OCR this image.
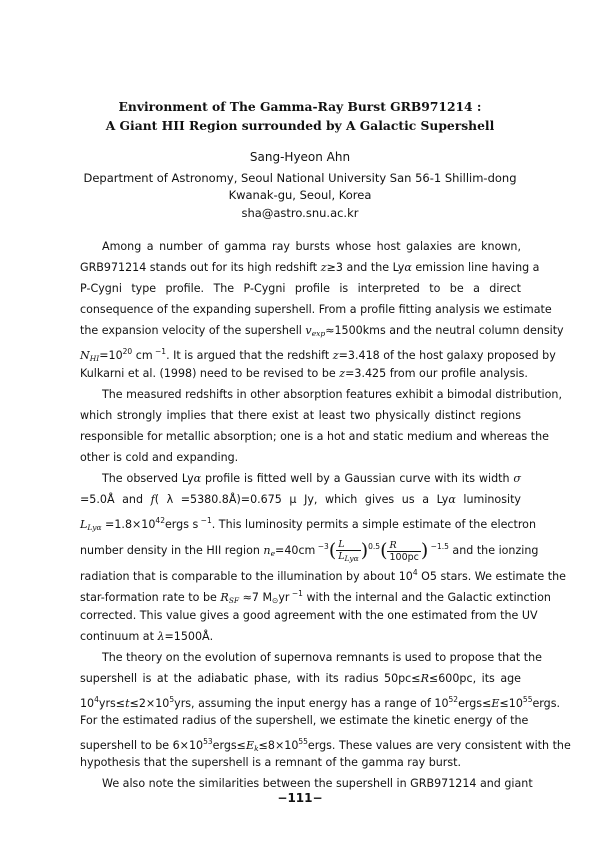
Environment of The Gamma-Ray Burst GRB971214 :
A Giant HII Region surrounded by A Galactic Supershell
Sang-Hyeon Ahn
Department of Astronomy, Seoul National University San 56-1 Shillim-dong
Kwanak-gu, Seoul, Korea
sha@astro.snu.ac.kr
Among a number of gamma ray bursts whose host galaxies are known,
GRB971214 stands out for its high redshift z≥3 and the Lyα emission line having a
P-Cygni type profile. The P-Cygni profile is interpreted to be a direct
consequence of the expanding supershell. From a profile fitting analysis we estimate
the expansion velocity of the supershell $v_{exp}\approx 1500kms$ and the neutral column density
$N_{HI}=10^{20}$ cm $^{-1}$. It is argued that the redshift z=3.418 of the host galaxy proposed by
Kulkarni et al. (1998) need to be revised to be z=3.425 from our profile analysis.
The measured redshifts in other absorption features exhibit a bimodal distribution,
which strongly implies that there exist at least two physically distinct regions
responsible for metallic absorption; one is a hot and static medium and whereas the
other is cold and expanding.
The observed Lyα profile is fitted well by a Gaussian curve with its width σ
=5.0Å and f( λ =5380.8Å)=0.675 μ Jy, which gives us a Lyα luminosity
$L_{Ly\alpha}$ $=1.8\times 10^{42}ergs$ s $^{-1}$. This luminosity permits a simple estimate of the electron
number density in the HII region $n_e=40cm$ $^{-3}( \frac{L}{L_{Ly\alpha}} )^{0.5}( \frac{R}{100pc}$ ) $^{-1.5}$ and the ionzing
radiation that is comparable to the illumination by about $10^4$ O5 stars. We estimate the
star-formation rate to be $R_{SF} \approx 7$ $M_⊙yr$ $^{-1}$ with the internal and the Galactic extinction
corrected. This value gives a good agreement with the one estimated from the UV
continuum at λ=1500Å.
The theory on the evolution of supernova remnants is used to propose that the
supershell is at the adiabatic phase, with its radius 50pc≤R≤600pc, its age
$10^4yrs\le t\le 2\times 10^5yrs$, assuming the input energy has a range of $10^{52}ergs\le E\le 10^{55}ergs$.
For the estimated radius of the supershell, we estimate the kinetic energy of the
supershell to be $6\times 10^{53}ergs\le E_k\le 8\times 10^{55}ergs$. These values are very consistent with the
hypothesis that the supershell is a remnant of the gamma ray burst.
We also note the similarities between the supershell in GRB971214 and giant
−111−
